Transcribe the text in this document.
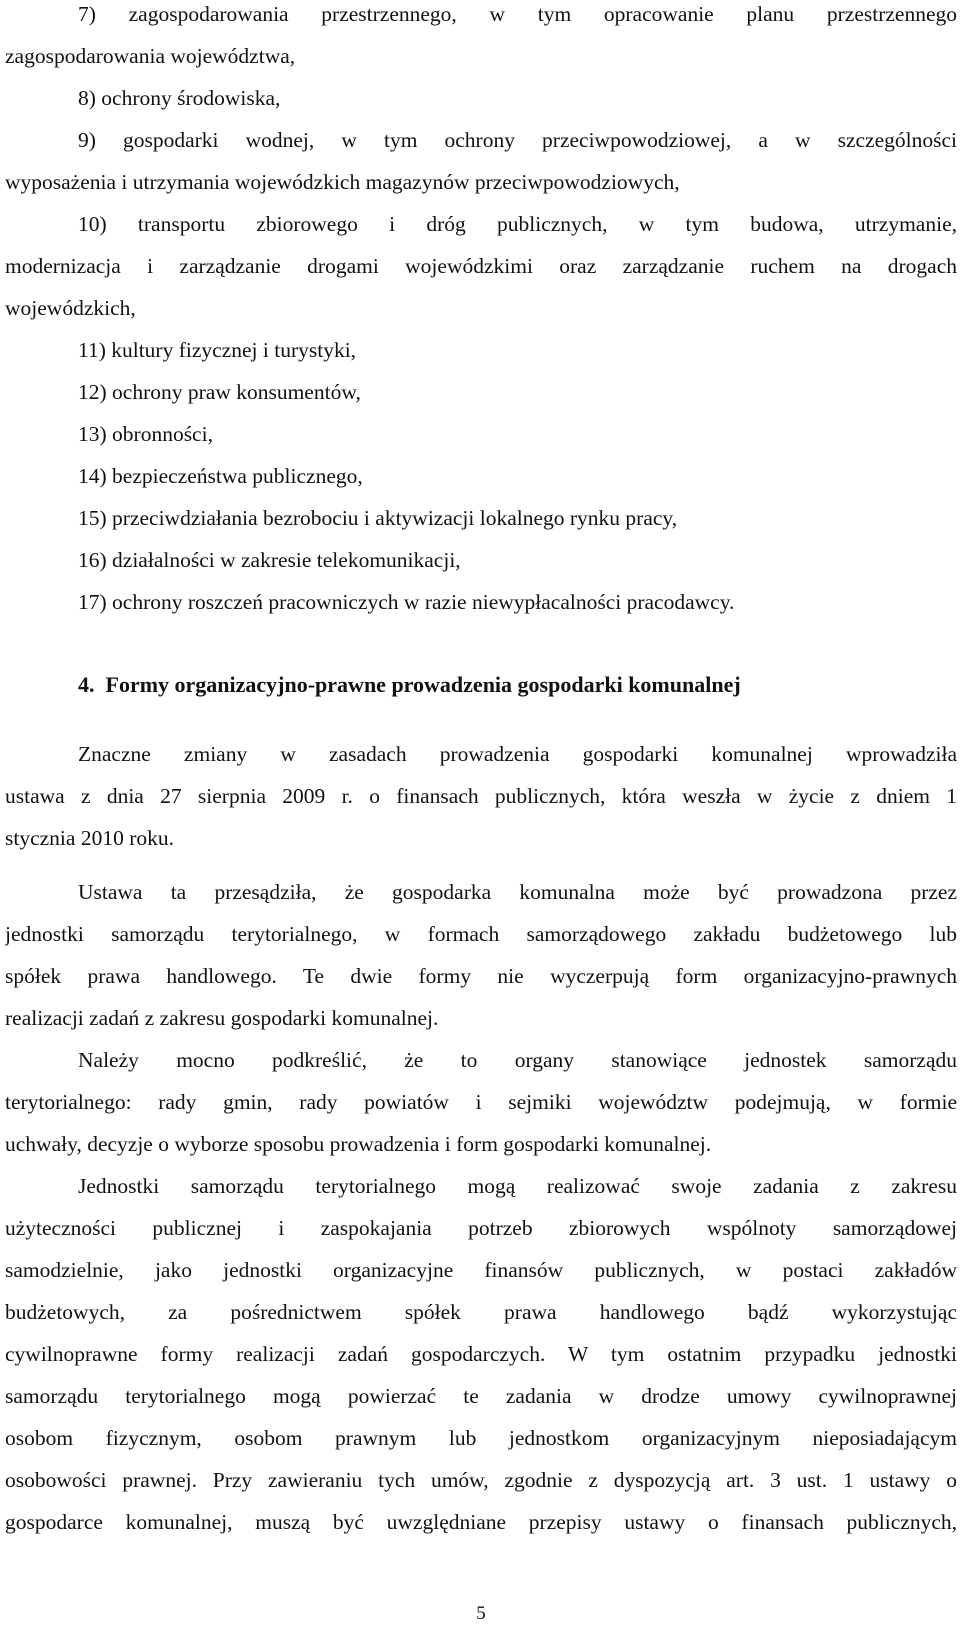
7) zagospodarowania przestrzennego, w tym opracowanie planu przestrzennego
zagospodarowania województwa,
8) ochrony środowiska,
9) gospodarki wodnej, w tym ochrony przeciwpowodziowej, a w szczególności
wyposażenia i utrzymania wojewódzkich magazynów przeciwpowodziowych,
10) transportu zbiorowego i dróg publicznych, w tym budowa, utrzymanie,
modernizacja i zarządzanie drogami wojewódzkimi oraz zarządzanie ruchem na drogach
wojewódzkich,
11) kultury fizycznej i turystyki,
12) ochrony praw konsumentów,
13) obronności,
14) bezpieczeństwa publicznego,
15) przeciwdziałania bezrobociu i aktywizacji lokalnego rynku pracy,
16) działalności w zakresie telekomunikacji,
17) ochrony roszczeń pracowniczych w razie niewypłacalności pracodawcy.
4.  Formy organizacyjno-prawne prowadzenia gospodarki komunalnej
Znaczne zmiany w zasadach prowadzenia gospodarki komunalnej wprowadziła
ustawa z dnia 27 sierpnia 2009 r. o finansach publicznych, która weszła w życie z dniem 1
stycznia 2010 roku.
Ustawa ta przesądziła, że gospodarka komunalna może być prowadzona przez
jednostki samorządu terytorialnego, w formach samorządowego zakładu budżetowego lub
spółek prawa handlowego. Te dwie formy nie wyczerpują form organizacyjno-prawnych
realizacji zadań z zakresu gospodarki komunalnej.
Należy mocno podkreślić, że to organy stanowiące jednostek samorządu
terytorialnego: rady gmin, rady powiatów i sejmiki województw podejmują, w formie
uchwały, decyzje o wyborze sposobu prowadzenia i form gospodarki komunalnej.
Jednostki samorządu terytorialnego mogą realizować swoje zadania z zakresu
użyteczności publicznej i zaspokajania potrzeb zbiorowych wspólnoty samorządowej
samodzielnie, jako jednostki organizacyjne finansów publicznych, w postaci zakładów
budżetowych, za pośrednictwem spółek prawa handlowego bądź wykorzystując
cywilnoprawne formy realizacji zadań gospodarczych. W tym ostatnim przypadku jednostki
samorządu terytorialnego mogą powierzać te zadania w drodze umowy cywilnoprawnej
osobom fizycznym, osobom prawnym lub jednostkom organizacyjnym nieposiadającym
osobowości prawnej. Przy zawieraniu tych umów, zgodnie z dyspozycją art. 3 ust. 1 ustawy o
gospodarce komunalnej, muszą być uwzględniane przepisy ustawy o finansach publicznych,
5
